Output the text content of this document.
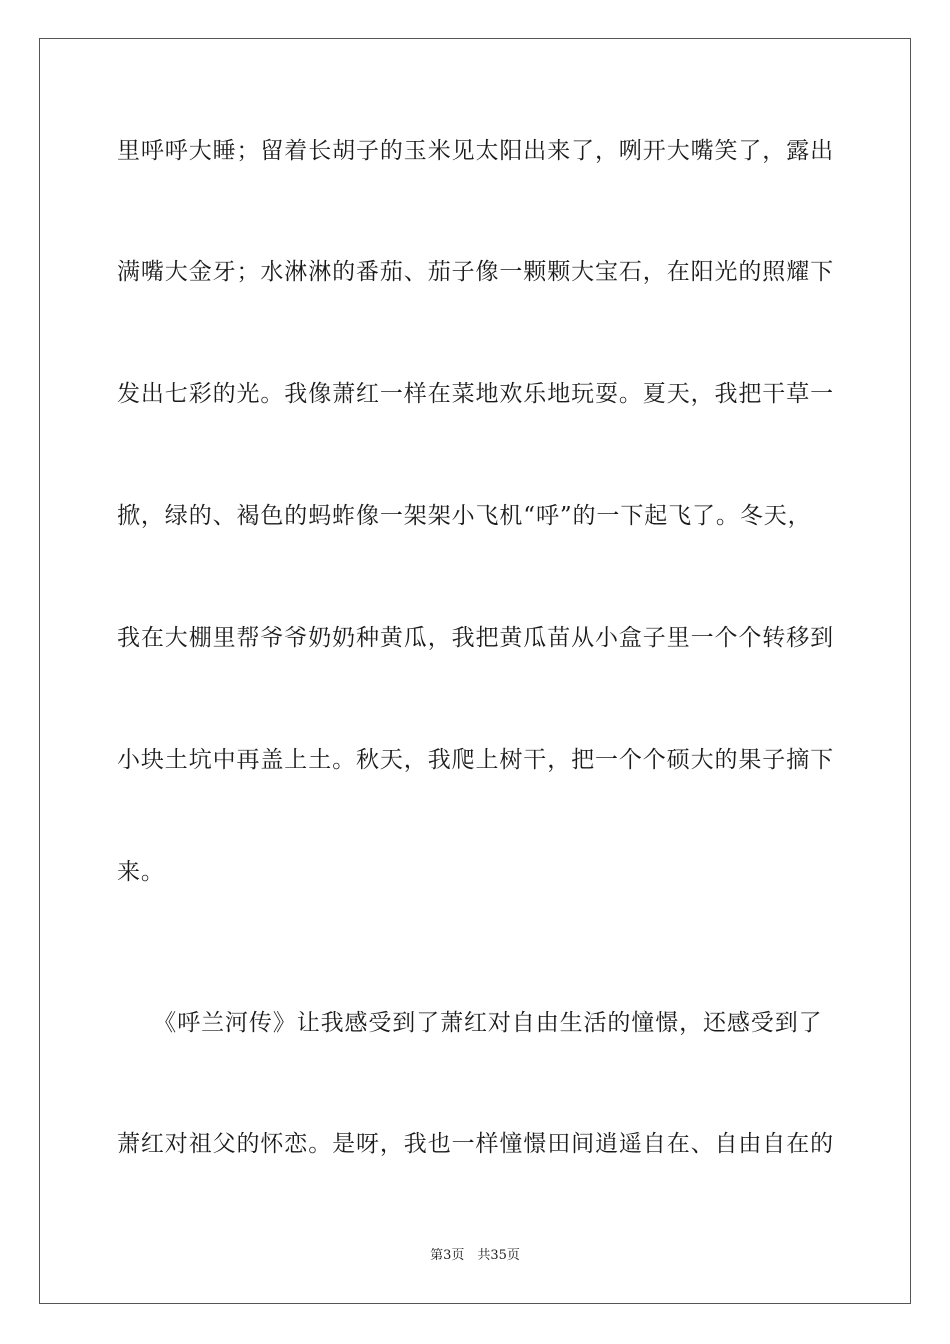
里呼呼大睡；留着长胡子的玉米见太阳出来了，咧开大嘴笑了，露出
满嘴大金牙；水淋淋的番茄、茄子像一颗颗大宝石，在阳光的照耀下
发出七彩的光。我像萧红一样在菜地欢乐地玩耍。夏天，我把干草一
掀，绿的、褐色的蚂蚱像一架架小飞机“呼”的一下起飞了。冬天，
我在大棚里帮爷爷奶奶种黄瓜，我把黄瓜苗从小盒子里一个个转移到
小块土坑中再盖上土。秋天，我爬上树干，把一个个硕大的果子摘下
来。
　　《呼兰河传》让我感受到了萧红对自由生活的憧憬，还感受到了
萧红对祖父的怀恋。是呀，我也一样憧憬田间逍遥自在、自由自在的
第3页　共35页
